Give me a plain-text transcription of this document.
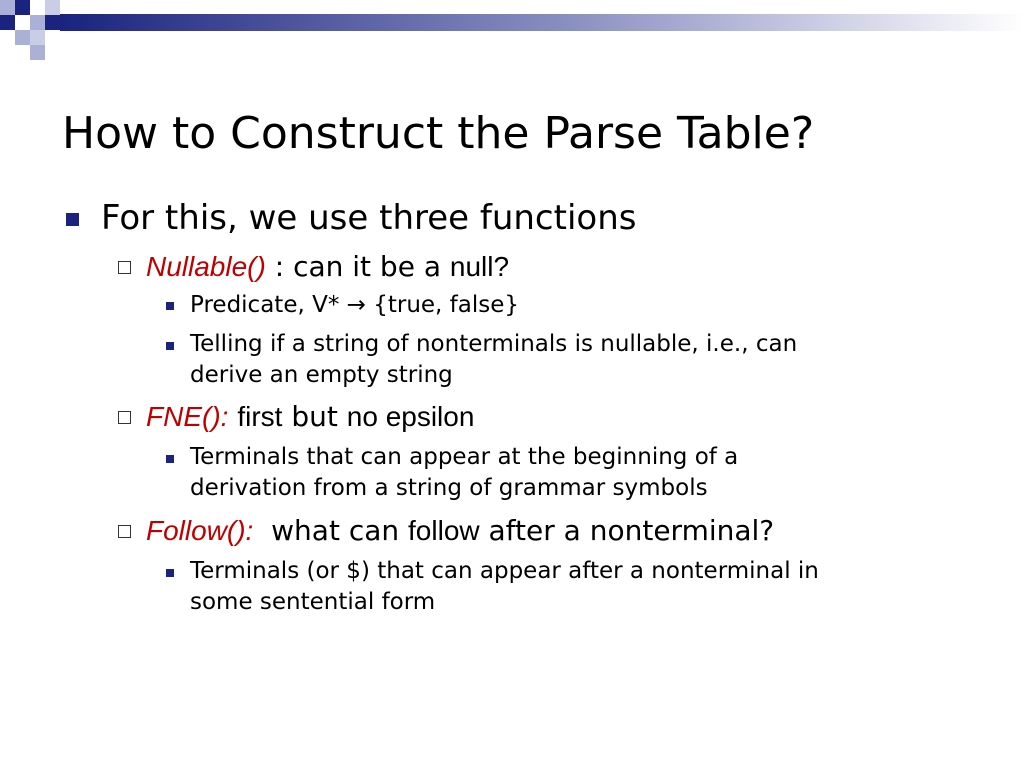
How to Construct the Parse Table?
For this, we use three functions
Nullable() : can it be a null?
Predicate, V* → {true, false}
Telling if a string of nonterminals is nullable, i.e., can
derive an empty string
FNE(): first but no epsilon
Terminals that can appear at the beginning of a
derivation from a string of grammar symbols
Follow():  what can follow after a nonterminal?
Terminals (or $) that can appear after a nonterminal in
some sentential form
